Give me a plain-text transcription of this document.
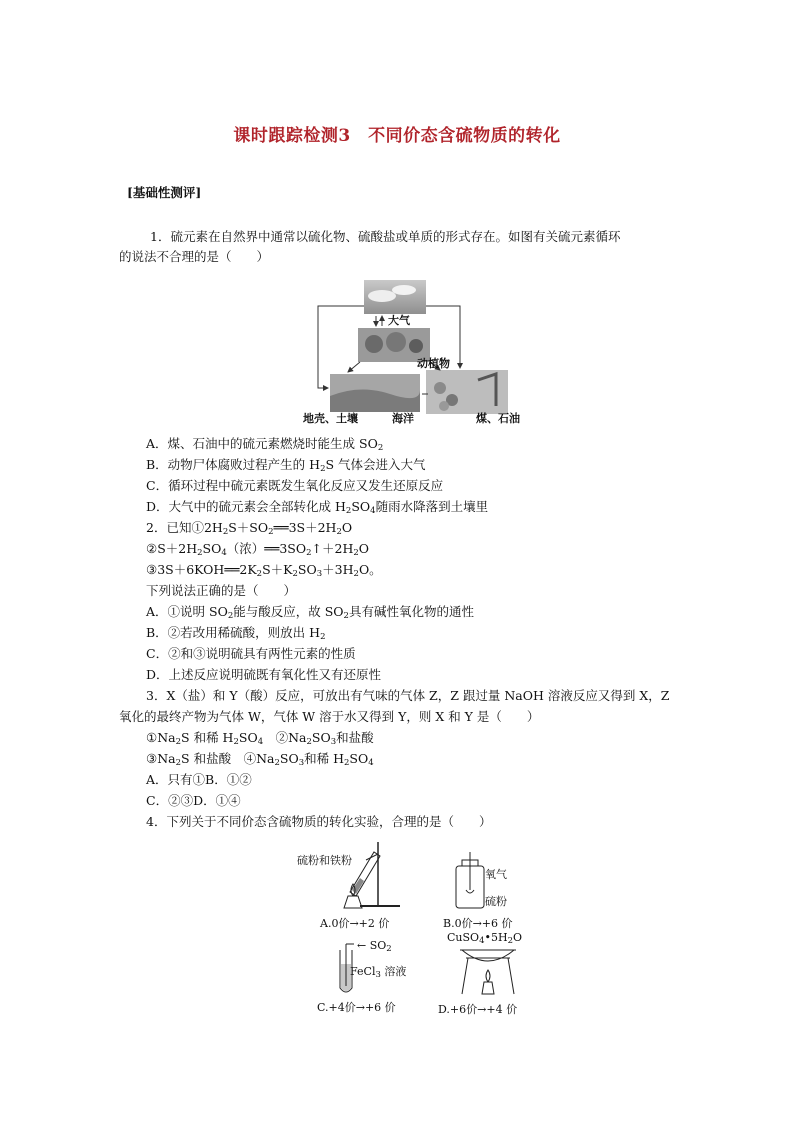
课时跟踪检测3　不同价态含硫物质的转化
[基础性测评]
1．硫元素在自然界中通常以硫化物、硫酸盐或单质的形式存在。如图有关硫元素循环
的说法不合理的是（　　）
大气
动植物
地壳、土壤	海洋	煤、石油
A．煤、石油中的硫元素燃烧时能生成 $SO_2$
B．动物尸体腐败过程产生的 $H_2S$ 气体会进入大气
C．循环过程中硫元素既发生氧化反应又发生还原反应
D．大气中的硫元素会全部转化成 $H_2SO_4$随雨水降落到土壤里
2．已知$①2H_2S+SO_2══3S+2H_2O$
$②S+2H_2SO_4$（浓）$══3SO_2↑+2H_2O$
$③3S+6KOH══2K_2S+K_2SO_3+3H_2O$。
下列说法正确的是（　　）
A．①说明 $SO_2$能与酸反应，故 $SO_2$具有碱性氧化物的通性
B．②若改用稀硫酸，则放出 $H_2$
C．②和③说明硫具有两性元素的性质
D．上述反应说明硫既有氧化性又有还原性
3．X（盐）和 Y（酸）反应，可放出有气味的气体 Z，Z 跟过量 NaOH 溶液反应又得到 X，Z
氧化的最终产物为气体 W，气体 W 溶于水又得到 Y，则 X 和 Y 是（　　）
$①Na_2S$ 和稀 $H_2SO_4$　$②Na_2SO_3$和盐酸
$③Na_2S$ 和盐酸　$④Na_2SO_3$和稀 $H_2SO_4$
A．只有①B．①②
C．②③D．①④
4．下列关于不同价态含硫物质的转化实验，合理的是（　　）
硫粉和铁粉
A.0价→+2 价
氧气
硫粉
B.0价→+6 价
← $SO_2$
FeCl$_3$ 溶液
C.+4价→+6 价
$CuSO_4•5H_2O$
D.+6价→+4 价
